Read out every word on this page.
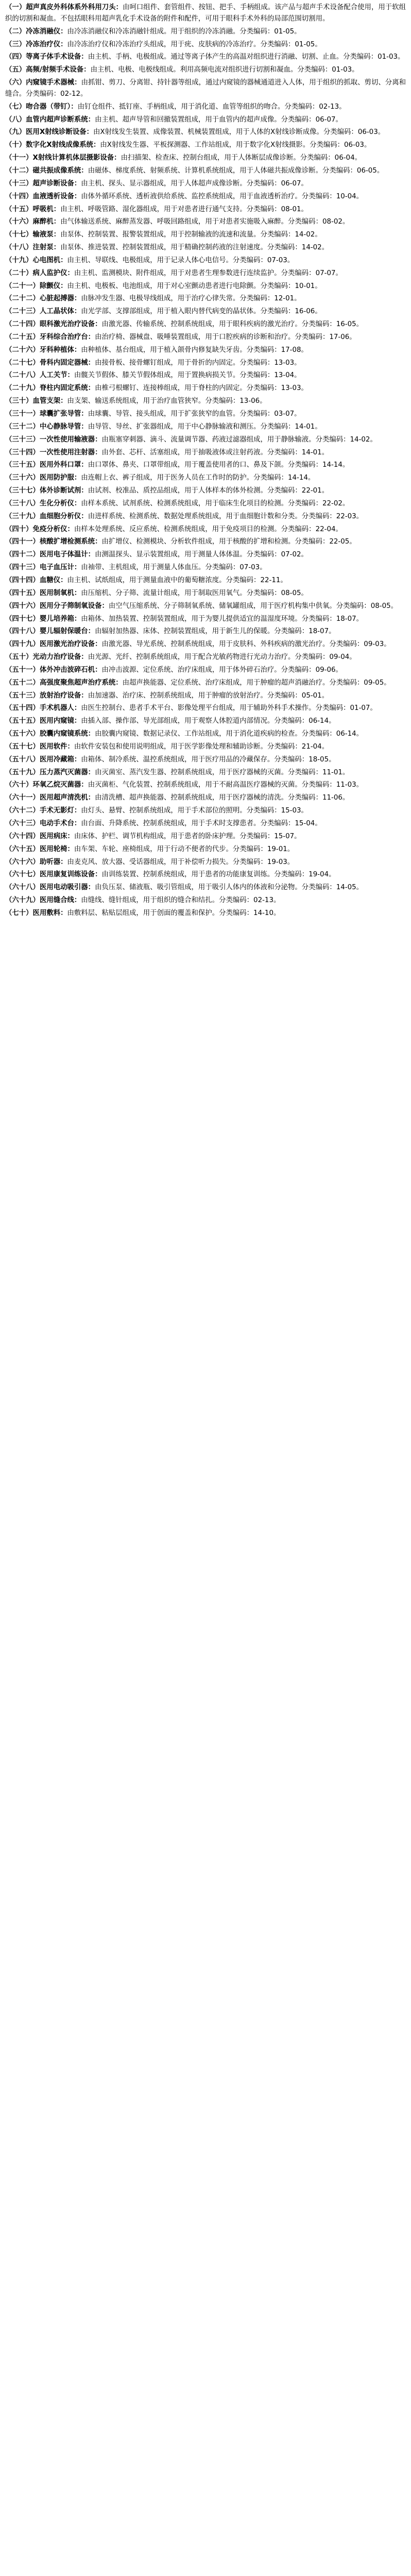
（一）超声真皮外科体系外科用刀头：由呵口组件、套管组件、按钮、把手、手柄组成。该产品与超声手术设备配合使用，用于软组织的切割和凝血。不包括眼科用超声乳化手术设备的附件和配件，可用于眼科手术外科的局部范围切割用。

（二）冷冻消融仪：由冷冻消融仪和冷冻消融针组成。用于组织的冷冻消融。分类编码：01-05。

（三）冷冻治疗仪：由冷冻治疗仪和冷冻治疗头组成，用于疣、皮肤病的冷冻治疗。分类编码：01-05。

（四）等离子体手术设备：由主机、手柄、电极组成。通过等离子体产生的高温对组织进行消融、切割、止血。分类编码：01-03。

（五）高频/射频手术设备：由主机、电极、电极线组成。利用高频电流对组织进行切割和凝血。分类编码：01-03。

（六）内窥镜手术器械：由抓钳、剪刀、分离钳、持针器等组成，通过内窥镜的器械通道进入人体，用于组织的抓取、剪切、分离和缝合。分类编码：02-12。

（七）吻合器（带钉）：由钉仓组件、抵钉座、手柄组成，用于消化道、血管等组织的吻合。分类编码：02-13。

（八）血管内超声诊断系统：由主机、超声导管和回撤装置组成，用于血管内的超声成像。分类编码：06-07。

（九）医用X射线诊断设备：由X射线发生装置、成像装置、机械装置组成，用于人体的X射线诊断成像。分类编码：06-03。

（十）数字化X射线成像系统：由X射线发生器、平板探测器、工作站组成，用于数字化X射线摄影。分类编码：06-03。

（十一）X射线计算机体层摄影设备：由扫描架、检查床、控制台组成，用于人体断层成像诊断。分类编码：06-04。

（十二）磁共振成像系统：由磁体、梯度系统、射频系统、计算机系统组成，用于人体磁共振成像诊断。分类编码：06-05。

（十三）超声诊断设备：由主机、探头、显示器组成，用于人体超声成像诊断。分类编码：06-07。

（十四）血液透析设备：由体外循环系统、透析液供给系统、监控系统组成，用于血液透析治疗。分类编码：10-04。

（十五）呼吸机：由主机、呼吸管路、湿化器组成，用于对患者进行通气支持。分类编码：08-01。

（十六）麻醉机：由气体输送系统、麻醉蒸发器、呼吸回路组成，用于对患者实施吸入麻醉。分类编码：08-02。

（十七）输液泵：由泵体、控制装置、报警装置组成，用于控制输液的流速和流量。分类编码：14-02。

（十八）注射泵：由泵体、推进装置、控制装置组成，用于精确控制药液的注射速度。分类编码：14-02。

（十九）心电图机：由主机、导联线、电极组成，用于记录人体心电信号。分类编码：07-03。

（二十）病人监护仪：由主机、监测模块、附件组成，用于对患者生理参数进行连续监护。分类编码：07-07。

（二十一）除颤仪：由主机、电极板、电池组成，用于对心室颤动患者进行电除颤。分类编码：10-01。

（二十二）心脏起搏器：由脉冲发生器、电极导线组成，用于治疗心律失常。分类编码：12-01。

（二十三）人工晶状体：由光学部、支撑部组成，用于植入眼内替代病变的晶状体。分类编码：16-06。

（二十四）眼科激光治疗设备：由激光器、传输系统、控制系统组成，用于眼科疾病的激光治疗。分类编码：16-05。

（二十五）牙科综合治疗台：由治疗椅、器械盘、吸唾装置组成，用于口腔疾病的诊断和治疗。分类编码：17-06。

（二十六）牙科种植体：由种植体、基台组成，用于植入颌骨内修复缺失牙齿。分类编码：17-08。

（二十七）骨科内固定器械：由接骨板、接骨螺钉组成，用于骨折的内固定。分类编码：13-03。

（二十八）人工关节：由髋关节假体、膝关节假体组成，用于置换病损关节。分类编码：13-04。

（二十九）脊柱内固定系统：由椎弓根螺钉、连接棒组成，用于脊柱的内固定。分类编码：13-03。

（三十）血管支架：由支架、输送系统组成，用于治疗血管狭窄。分类编码：13-06。

（三十一）球囊扩张导管：由球囊、导管、接头组成，用于扩张狭窄的血管。分类编码：03-07。

（三十二）中心静脉导管：由导管、导丝、扩张器组成，用于中心静脉输液和测压。分类编码：14-01。

（三十三）一次性使用输液器：由瓶塞穿刺器、滴斗、流量调节器、药液过滤器组成，用于静脉输液。分类编码：14-02。

（三十四）一次性使用注射器：由外套、芯杆、活塞组成，用于抽吸液体或注射药液。分类编码：14-01。

（三十五）医用外科口罩：由口罩体、鼻夹、口罩带组成，用于覆盖使用者的口、鼻及下颌。分类编码：14-14。

（三十六）医用防护服：由连帽上衣、裤子组成，用于医务人员在工作时的防护。分类编码：14-14。

（三十七）体外诊断试剂：由试剂、校准品、质控品组成，用于人体样本的体外检测。分类编码：22-01。

（三十八）生化分析仪：由样本系统、试剂系统、检测系统组成，用于临床生化项目的检测。分类编码：22-02。

（三十九）血细胞分析仪：由进样系统、检测系统、数据处理系统组成，用于血细胞计数和分类。分类编码：22-03。

（四十）免疫分析仪：由样本处理系统、反应系统、检测系统组成，用于免疫项目的检测。分类编码：22-04。

（四十一）核酸扩增检测系统：由扩增仪、检测模块、分析软件组成，用于核酸的扩增和检测。分类编码：22-05。

（四十二）医用电子体温计：由测温探头、显示装置组成，用于测量人体体温。分类编码：07-02。

（四十三）电子血压计：由袖带、主机组成，用于测量人体血压。分类编码：07-03。

（四十四）血糖仪：由主机、试纸组成，用于测量血液中的葡萄糖浓度。分类编码：22-11。

（四十五）医用制氧机：由压缩机、分子筛、流量计组成，用于制取医用氧气。分类编码：08-05。

（四十六）医用分子筛制氧设备：由空气压缩系统、分子筛制氧系统、储氧罐组成，用于医疗机构集中供氧。分类编码：08-05。

（四十七）婴儿培养箱：由箱体、加热装置、控制装置组成，用于为婴儿提供适宜的温湿度环境。分类编码：18-07。

（四十八）婴儿辐射保暖台：由辐射加热器、床体、控制装置组成，用于新生儿的保暖。分类编码：18-07。

（四十九）医用激光治疗设备：由激光器、导光系统、控制系统组成，用于皮肤科、外科疾病的激光治疗。分类编码：09-03。

（五十）光动力治疗设备：由光源、光纤、控制系统组成，用于配合光敏药物进行光动力治疗。分类编码：09-04。

（五十一）体外冲击波碎石机：由冲击波源、定位系统、治疗床组成，用于体外碎石治疗。分类编码：09-06。

（五十二）高强度聚焦超声治疗系统：由超声换能器、定位系统、治疗床组成，用于肿瘤的超声消融治疗。分类编码：09-05。

（五十三）放射治疗设备：由加速器、治疗床、控制系统组成，用于肿瘤的放射治疗。分类编码：05-01。

（五十四）手术机器人：由医生控制台、患者手术平台、影像处理平台组成，用于辅助外科手术操作。分类编码：01-07。

（五十五）医用内窥镜：由插入部、操作部、导光部组成，用于观察人体腔道内部情况。分类编码：06-14。

（五十六）胶囊内窥镜系统：由胶囊内窥镜、数据记录仪、工作站组成，用于消化道疾病的检查。分类编码：06-14。

（五十七）医用软件：由软件安装包和使用说明组成，用于医学影像处理和辅助诊断。分类编码：21-04。

（五十八）医用冷藏箱：由箱体、制冷系统、温控系统组成，用于医疗用品的冷藏保存。分类编码：18-05。

（五十九）压力蒸汽灭菌器：由灭菌室、蒸汽发生器、控制系统组成，用于医疗器械的灭菌。分类编码：11-01。

（六十）环氧乙烷灭菌器：由灭菌柜、气化装置、控制系统组成，用于不耐高温医疗器械的灭菌。分类编码：11-03。

（六十一）医用超声清洗机：由清洗槽、超声换能器、控制系统组成，用于医疗器械的清洗。分类编码：11-06。

（六十二）手术无影灯：由灯头、悬臂、控制系统组成，用于手术部位的照明。分类编码：15-03。

（六十三）电动手术台：由台面、升降系统、控制系统组成，用于手术时支撑患者。分类编码：15-04。

（六十四）医用病床：由床体、护栏、调节机构组成，用于患者的卧床护理。分类编码：15-07。

（六十五）医用轮椅：由车架、车轮、座椅组成，用于行动不便者的代步。分类编码：19-01。

（六十六）助听器：由麦克风、放大器、受话器组成，用于补偿听力损失。分类编码：19-03。

（六十七）医用康复训练设备：由训练装置、控制系统组成，用于患者的功能康复训练。分类编码：19-04。

（六十八）医用电动吸引器：由负压泵、储液瓶、吸引管组成，用于吸引人体内的体液和分泌物。分类编码：14-05。

（六十九）医用缝合线：由缝线、缝针组成，用于组织的缝合和结扎。分类编码：02-13。

（七十）医用敷料：由敷料层、粘贴层组成，用于创面的覆盖和保护。分类编码：14-10。
